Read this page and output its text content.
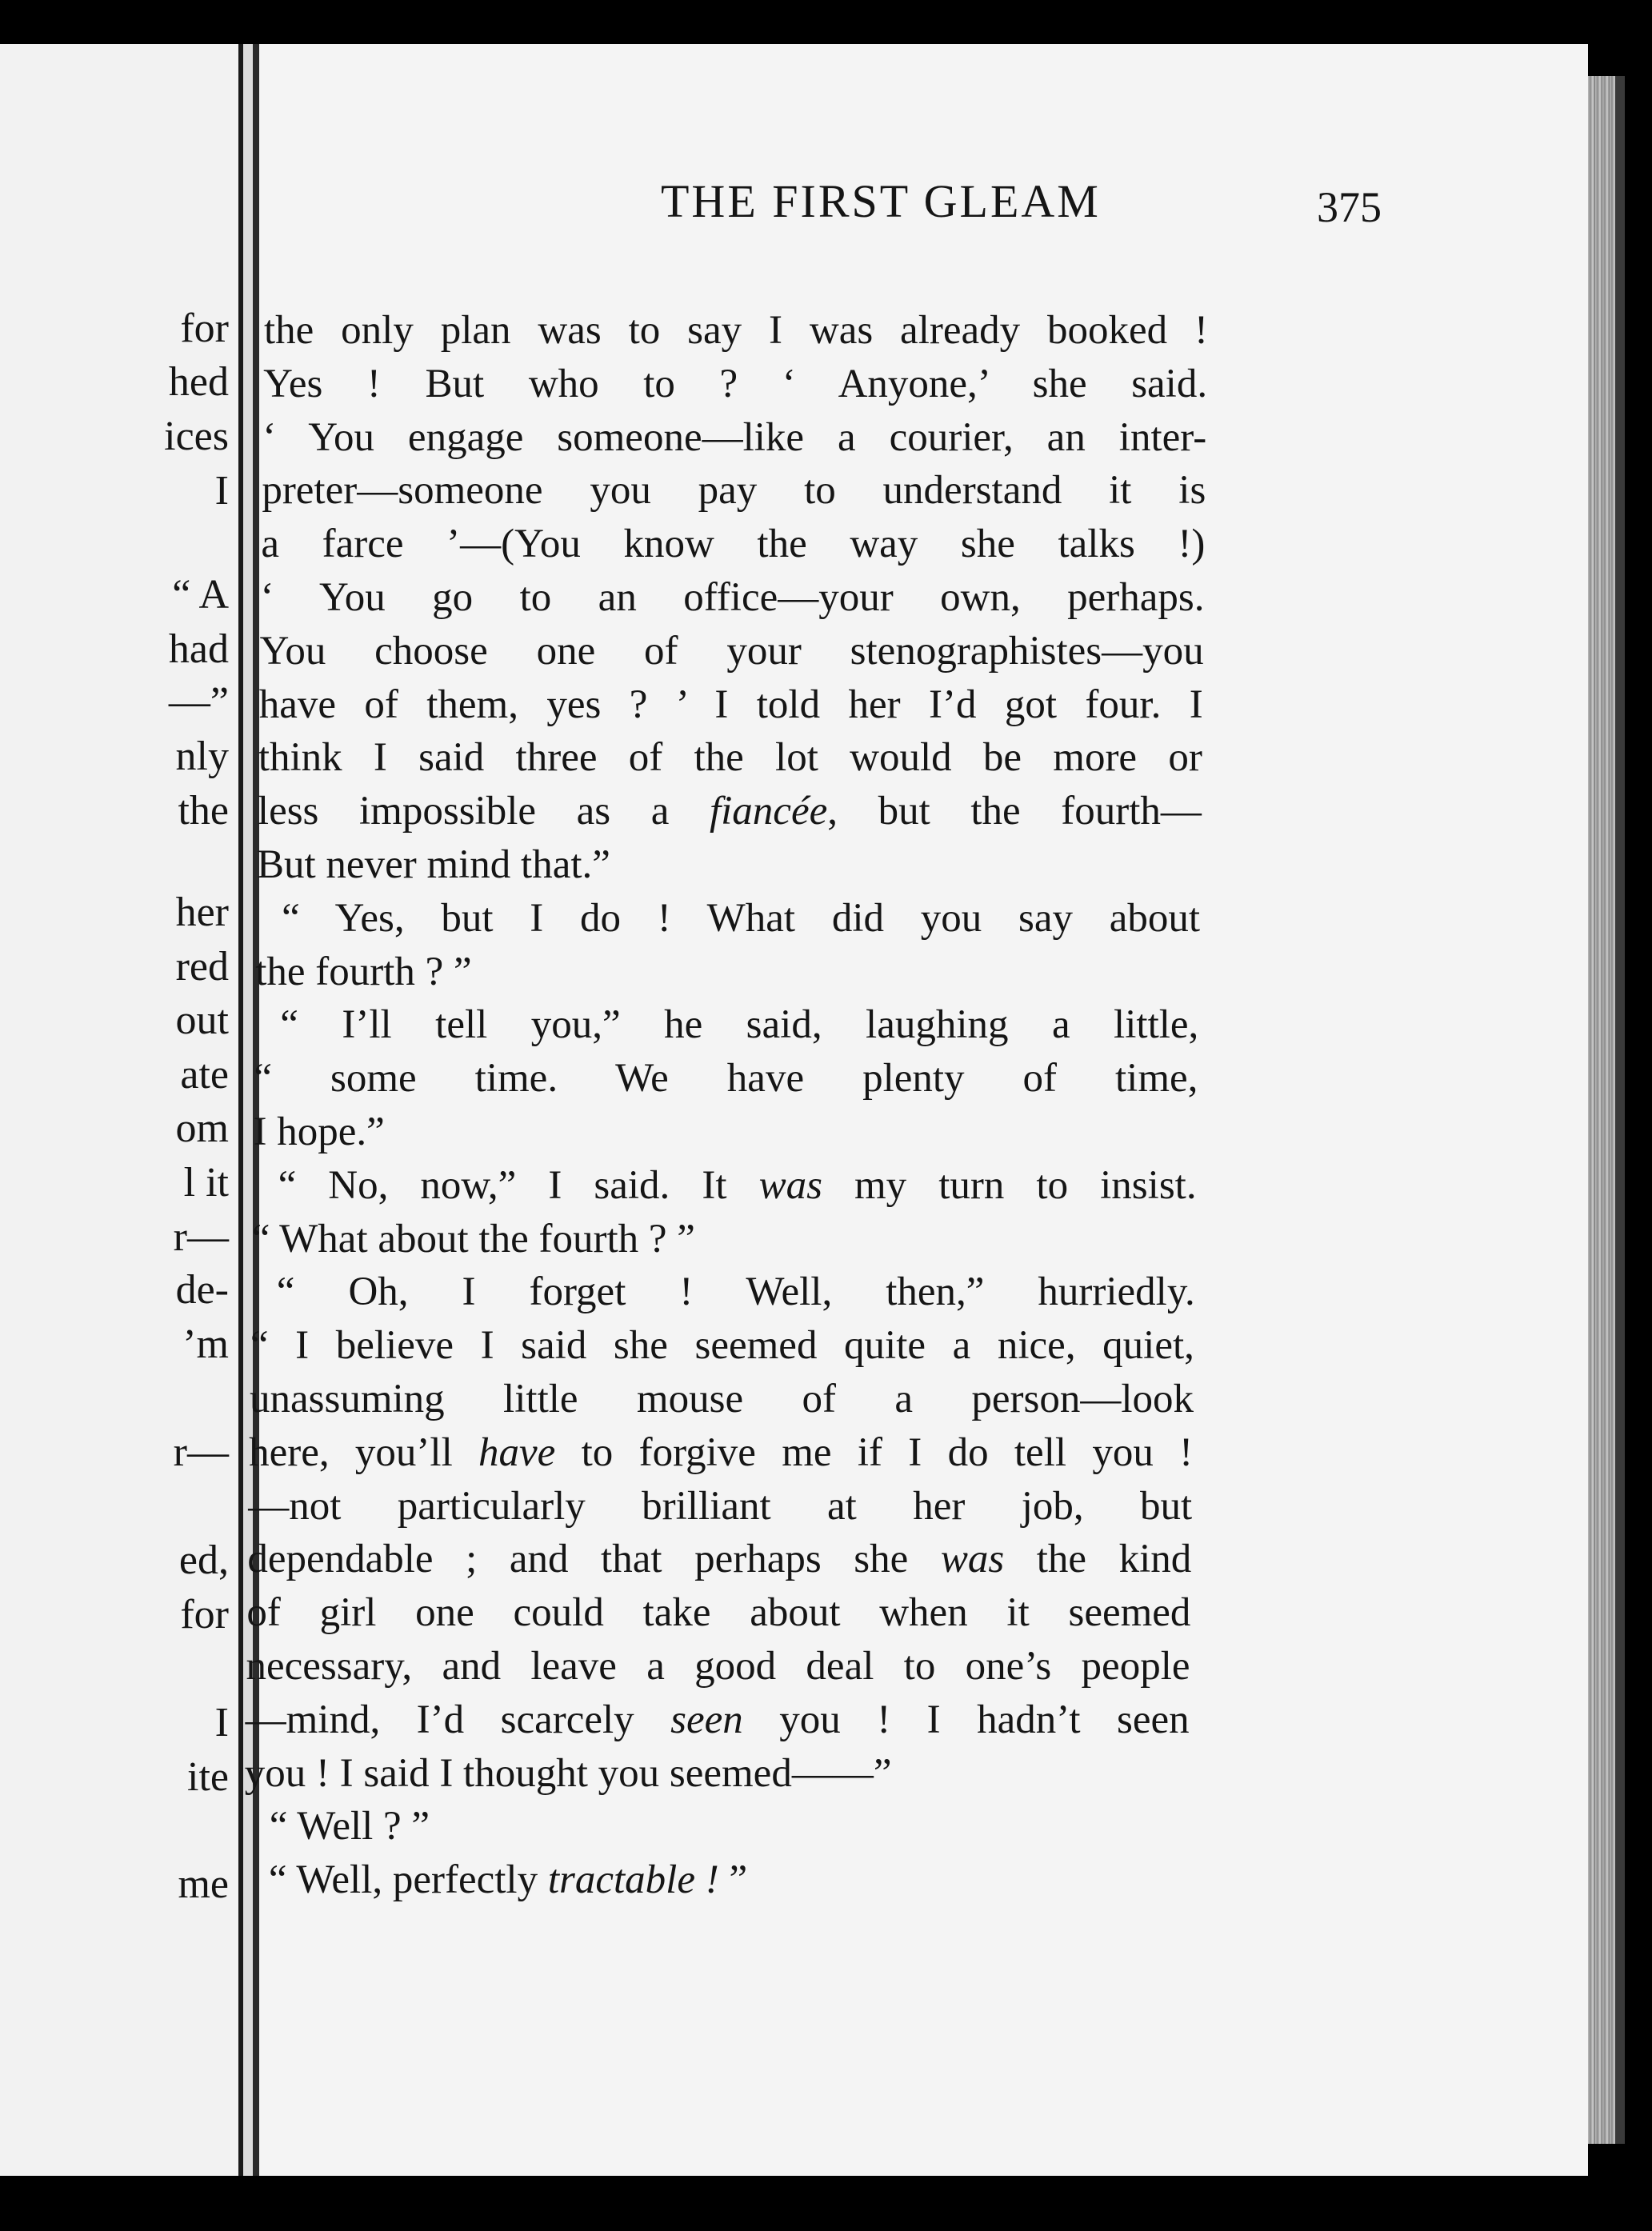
for
hed
ices
I
“ A
had
—”
nly
the
her
red
out
ate
om
l it
r—
de-
’m
r—
ed,
for
I
ite
me
THE FIRST GLEAM	375
the only plan was to say I was already booked !
Yes ! But who to ? ‘ Anyone,’ she said.
‘ You engage someone—like a courier, an inter-
preter—someone you pay to understand it is
a farce ’—(You know the way she talks !)
‘ You go to an office—your own, perhaps.
You choose one of your stenographistes—you
have of them, yes ? ’ I told her I’d got four. I
think I said three of the lot would be more or
less impossible as a fiancée, but the fourth—
But never mind that.”
“ Yes, but I do ! What did you say about
the fourth ? ”
“ I’ll tell you,” he said, laughing a little,
“ some time. We have plenty of time,
I hope.”
“ No, now,” I said. It was my turn to insist.
“ What about the fourth ? ”
“ Oh, I forget ! Well, then,” hurriedly.
“ I believe I said she seemed quite a nice, quiet,
unassuming little mouse of a person—look
here, you’ll have to forgive me if I do tell you !
—not particularly brilliant at her job, but
dependable ; and that perhaps she was the kind
of girl one could take about when it seemed
necessary, and leave a good deal to one’s people
—mind, I’d scarcely seen you ! I hadn’t seen
you ! I said I thought you seemed——”
“ Well ? ”
“ Well, perfectly tractable ! ”
